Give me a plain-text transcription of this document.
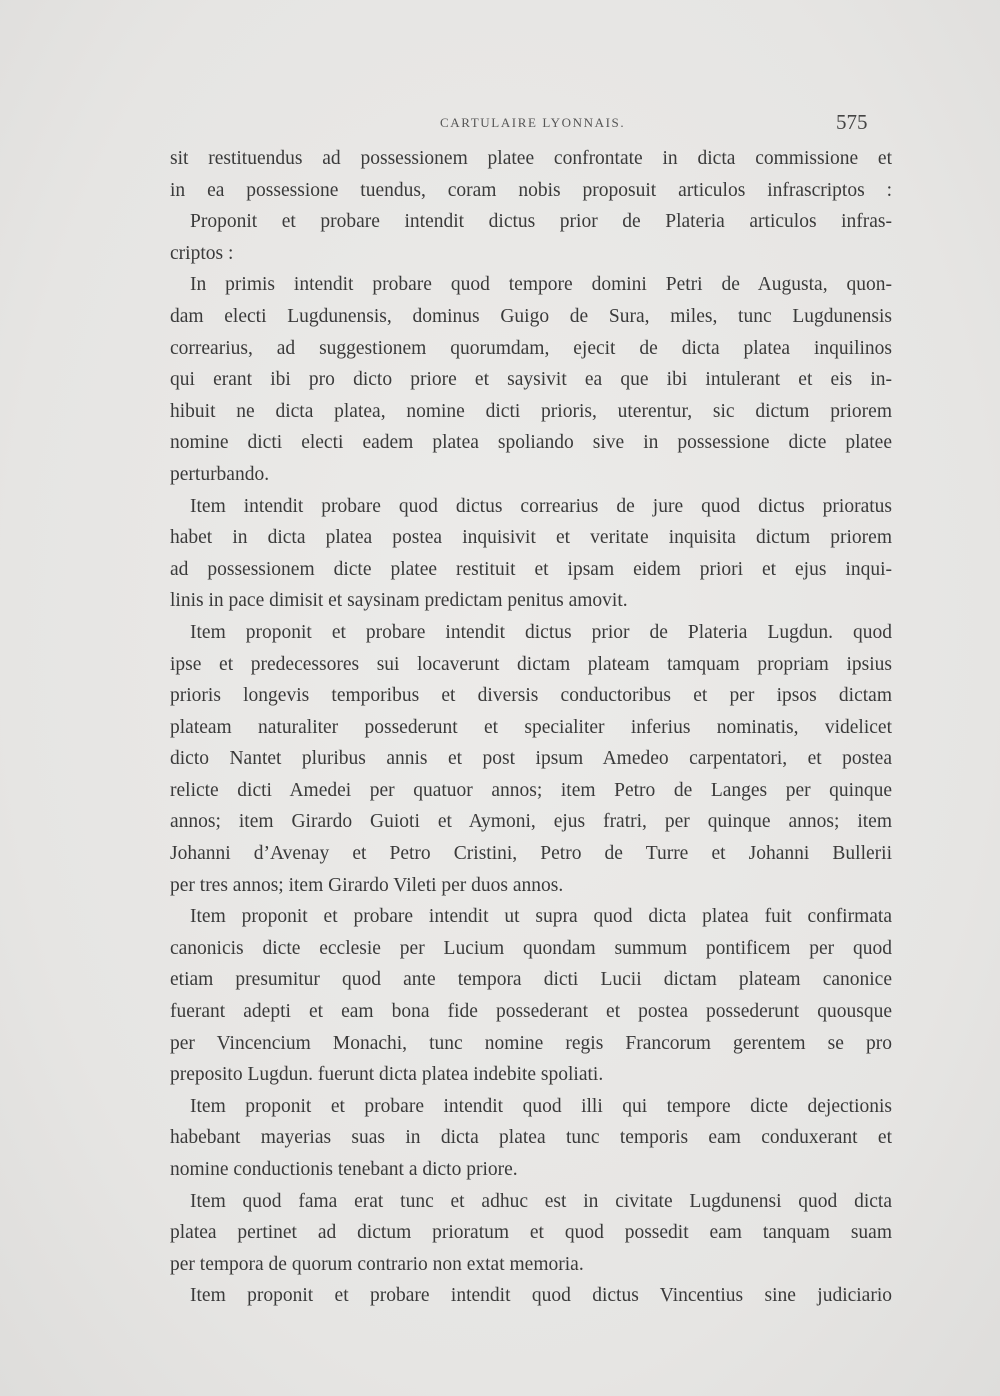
CARTULAIRE LYONNAIS.	575
sit restituendus ad possessionem platee confrontate in dicta commissione et
in ea possessione tuendus, coram nobis proposuit articulos infrascriptos :
Proponit et probare intendit dictus prior de Plateria articulos infras-
criptos :
In primis intendit probare quod tempore domini Petri de Augusta, quon-
dam electi Lugdunensis, dominus Guigo de Sura, miles, tunc Lugdunensis
correarius, ad suggestionem quorumdam, ejecit de dicta platea inquilinos
qui erant ibi pro dicto priore et saysivit ea que ibi intulerant et eis in-
hibuit ne dicta platea, nomine dicti prioris, uterentur, sic dictum priorem
nomine dicti electi eadem platea spoliando sive in possessione dicte platee
perturbando.
Item intendit probare quod dictus correarius de jure quod dictus prioratus
habet in dicta platea postea inquisivit et veritate inquisita dictum priorem
ad possessionem dicte platee restituit et ipsam eidem priori et ejus inqui-
linis in pace dimisit et saysinam predictam penitus amovit.
Item proponit et probare intendit dictus prior de Plateria Lugdun. quod
ipse et predecessores sui locaverunt dictam plateam tamquam propriam ipsius
prioris longevis temporibus et diversis conductoribus et per ipsos dictam
plateam naturaliter possederunt et specialiter inferius nominatis, videlicet
dicto Nantet pluribus annis et post ipsum Amedeo carpentatori, et postea
relicte dicti Amedei per quatuor annos; item Petro de Langes per quinque
annos; item Girardo Guioti et Aymoni, ejus fratri, per quinque annos; item
Johanni d’Avenay et Petro Cristini, Petro de Turre et Johanni Bullerii
per tres annos; item Girardo Vileti per duos annos.
Item proponit et probare intendit ut supra quod dicta platea fuit confirmata
canonicis dicte ecclesie per Lucium quondam summum pontificem per quod
etiam presumitur quod ante tempora dicti Lucii dictam plateam canonice
fuerant adepti et eam bona fide possederant et postea possederunt quousque
per Vincencium Monachi, tunc nomine regis Francorum gerentem se pro
preposito Lugdun. fuerunt dicta platea indebite spoliati.
Item proponit et probare intendit quod illi qui tempore dicte dejectionis
habebant mayerias suas in dicta platea tunc temporis eam conduxerant et
nomine conductionis tenebant a dicto priore.
Item quod fama erat tunc et adhuc est in civitate Lugdunensi quod dicta
platea pertinet ad dictum prioratum et quod possedit eam tanquam suam
per tempora de quorum contrario non extat memoria.
Item proponit et probare intendit quod dictus Vincentius sine judiciario
